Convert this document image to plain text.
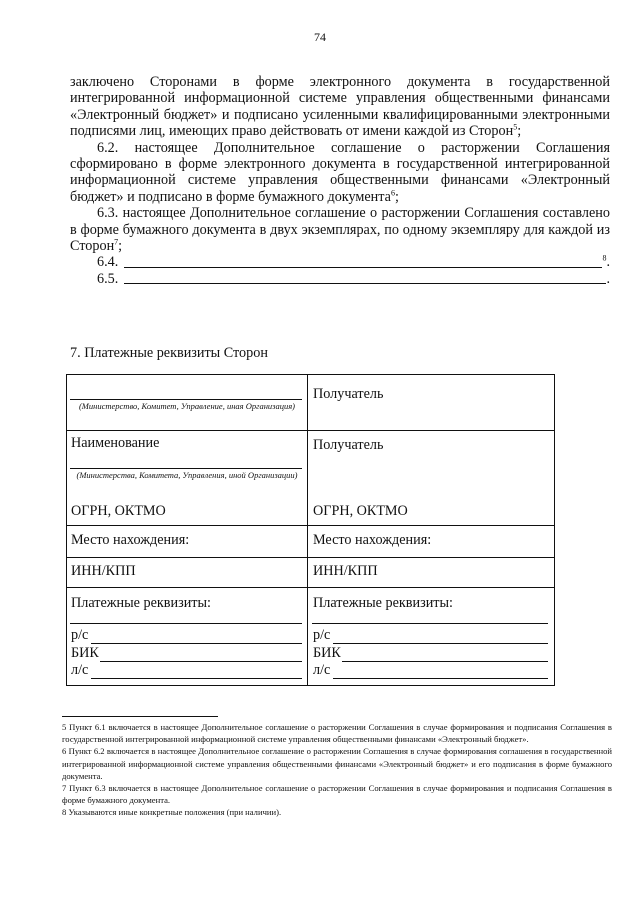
74

заключено Сторонами в форме электронного документа в государственной интегрированной информационной системе управления общественными финансами «Электронный бюджет» и подписано усиленными квалифицированными электронными подписями лиц, имеющих право действовать от имени каждой из Сторон$^5$;

6.2. настоящее Дополнительное соглашение о расторжении Соглашения сформировано в форме электронного документа в государственной интегрированной информационной системе управления общественными финансами «Электронный бюджет» и подписано в форме бумажного документа$^6$;

6.3. настоящее Дополнительное соглашение о расторжении Соглашения составлено в форме бумажного документа в двух экземплярах, по одному экземпляру для каждой из Сторон$^7$;

6.4.	$^8$.
6.5.	.
7. Платежные реквизиты Сторон
(Министерство, Комитет, Управление, иная Организация)
Наименование
(Министерства, Комитета, Управления, иной Организации)
ОГРН, ОКТМО
Место нахождения:
ИНН/КПП
Платежные реквизиты:
р/с
БИК
л/с
Получатель
Получатель
ОГРН, ОКТМО
Место нахождения:
ИНН/КПП
Платежные реквизиты:
р/с
БИК
л/с

5 Пункт 6.1 включается в настоящее Дополнительное соглашение о расторжении Соглашения в случае формирования и подписания Соглашения в государственной интегрированной информационной системе управления общественными финансами «Электронный бюджет».

6 Пункт 6.2 включается в настоящее Дополнительное соглашение о расторжении Соглашения в случае формирования соглашения в государственной интегрированной информационной системе управления общественными финансами «Электронный бюджет» и его подписания в форме бумажного документа.

7 Пункт 6.3 включается в настоящее Дополнительное соглашение о расторжении Соглашения в случае формирования и подписания Соглашения в форме бумажного документа.

8 Указываются иные конкретные положения (при наличии).
